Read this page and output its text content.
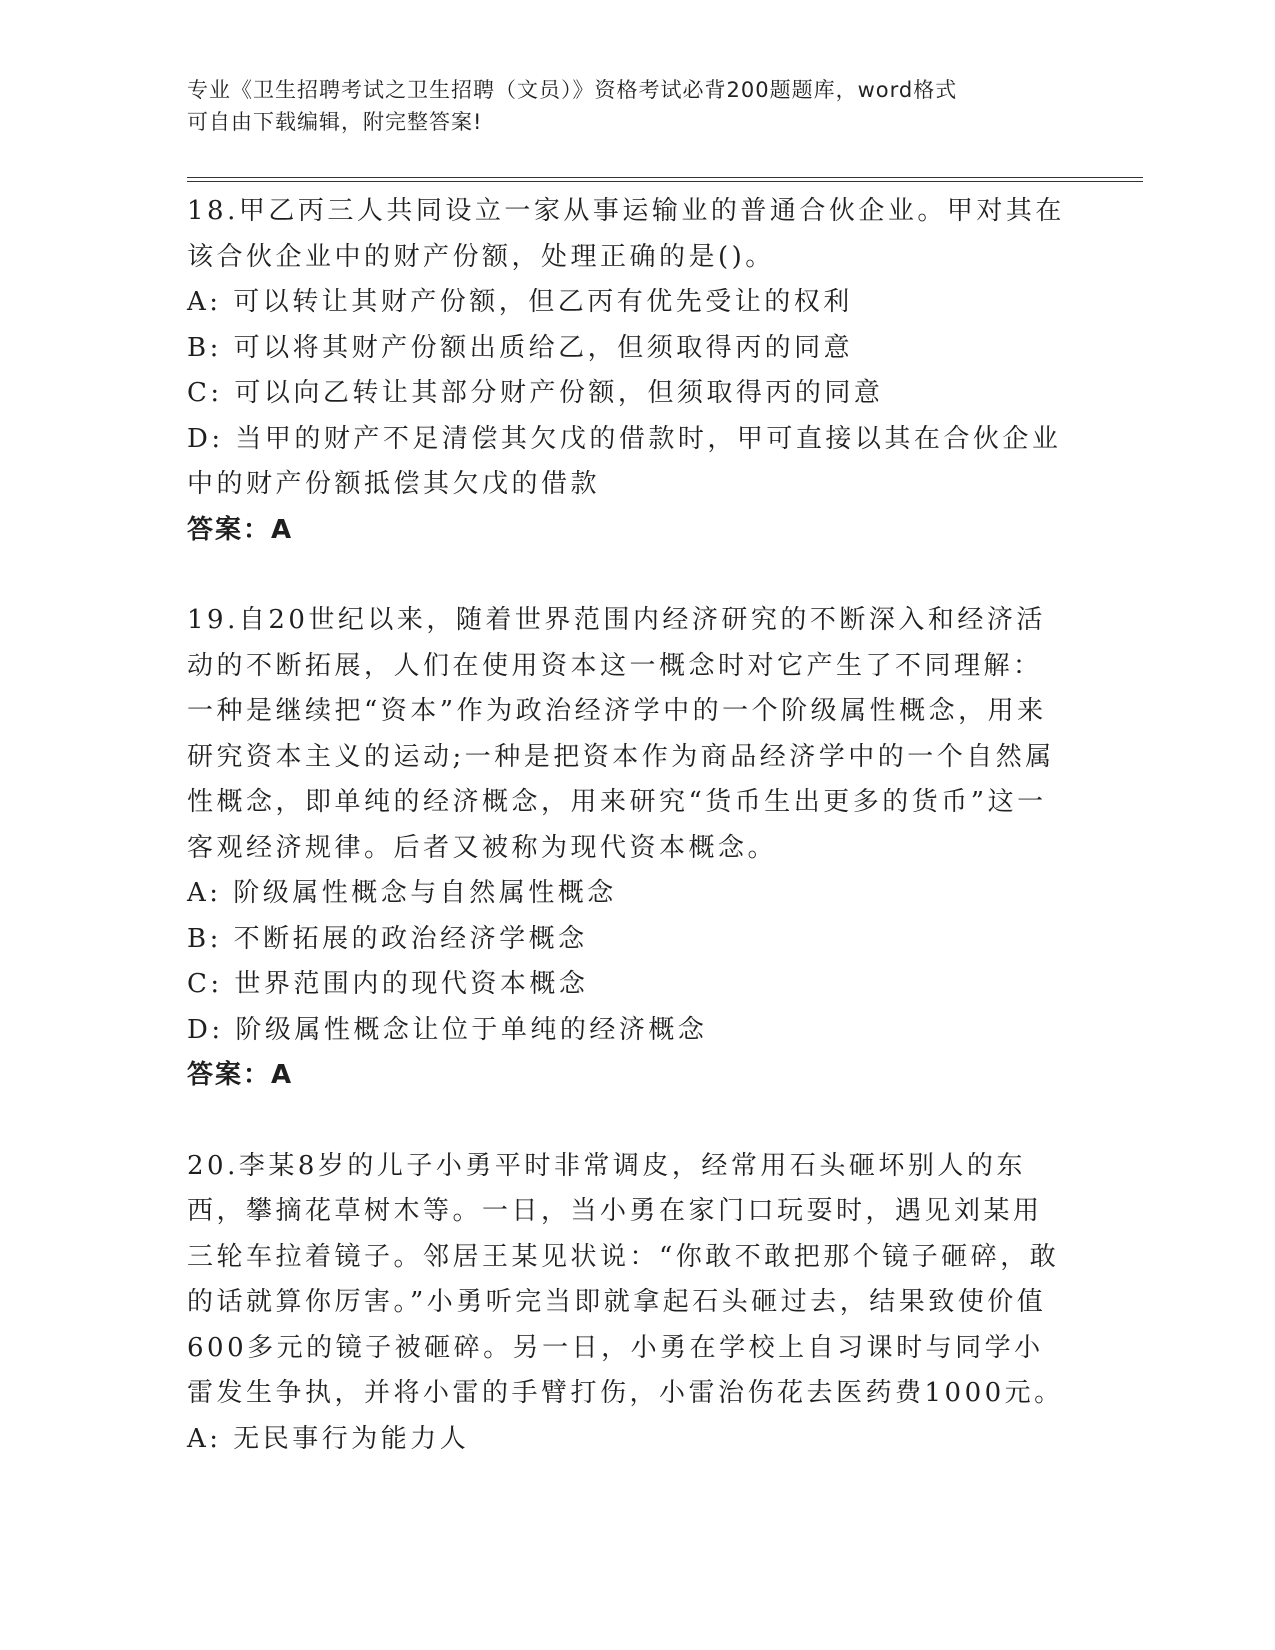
专业《卫生招聘考试之卫生招聘（文员）》资格考试必背200题题库，word格式
可自由下载编辑，附完整答案!
18.甲乙丙三人共同设立一家从事运输业的普通合伙企业。甲对其在该合伙企业中的财产份额，处理正确的是()。
A: 可以转让其财产份额，但乙丙有优先受让的权利
B: 可以将其财产份额出质给乙，但须取得丙的同意
C: 可以向乙转让其部分财产份额，但须取得丙的同意
D: 当甲的财产不足清偿其欠戊的借款时，甲可直接以其在合伙企业中的财产份额抵偿其欠戊的借款
答案：A
19.自20世纪以来，随着世界范围内经济研究的不断深入和经济活动的不断拓展，人们在使用资本这一概念时对它产生了不同理解：一种是继续把“资本”作为政治经济学中的一个阶级属性概念，用来研究资本主义的运动;一种是把资本作为商品经济学中的一个自然属性概念，即单纯的经济概念，用来研究“货币生出更多的货币”这一客观经济规律。后者又被称为现代资本概念。
A: 阶级属性概念与自然属性概念
B: 不断拓展的政治经济学概念
C: 世界范围内的现代资本概念
D: 阶级属性概念让位于单纯的经济概念
答案：A
20.李某8岁的儿子小勇平时非常调皮，经常用石头砸坏别人的东西，攀摘花草树木等。一日，当小勇在家门口玩耍时，遇见刘某用三轮车拉着镜子。邻居王某见状说：“你敢不敢把那个镜子砸碎，敢的话就算你厉害。”小勇听完当即就拿起石头砸过去，结果致使价值600多元的镜子被砸碎。另一日，小勇在学校上自习课时与同学小雷发生争执，并将小雷的手臂打伤，小雷治伤花去医药费1000元。
A: 无民事行为能力人
